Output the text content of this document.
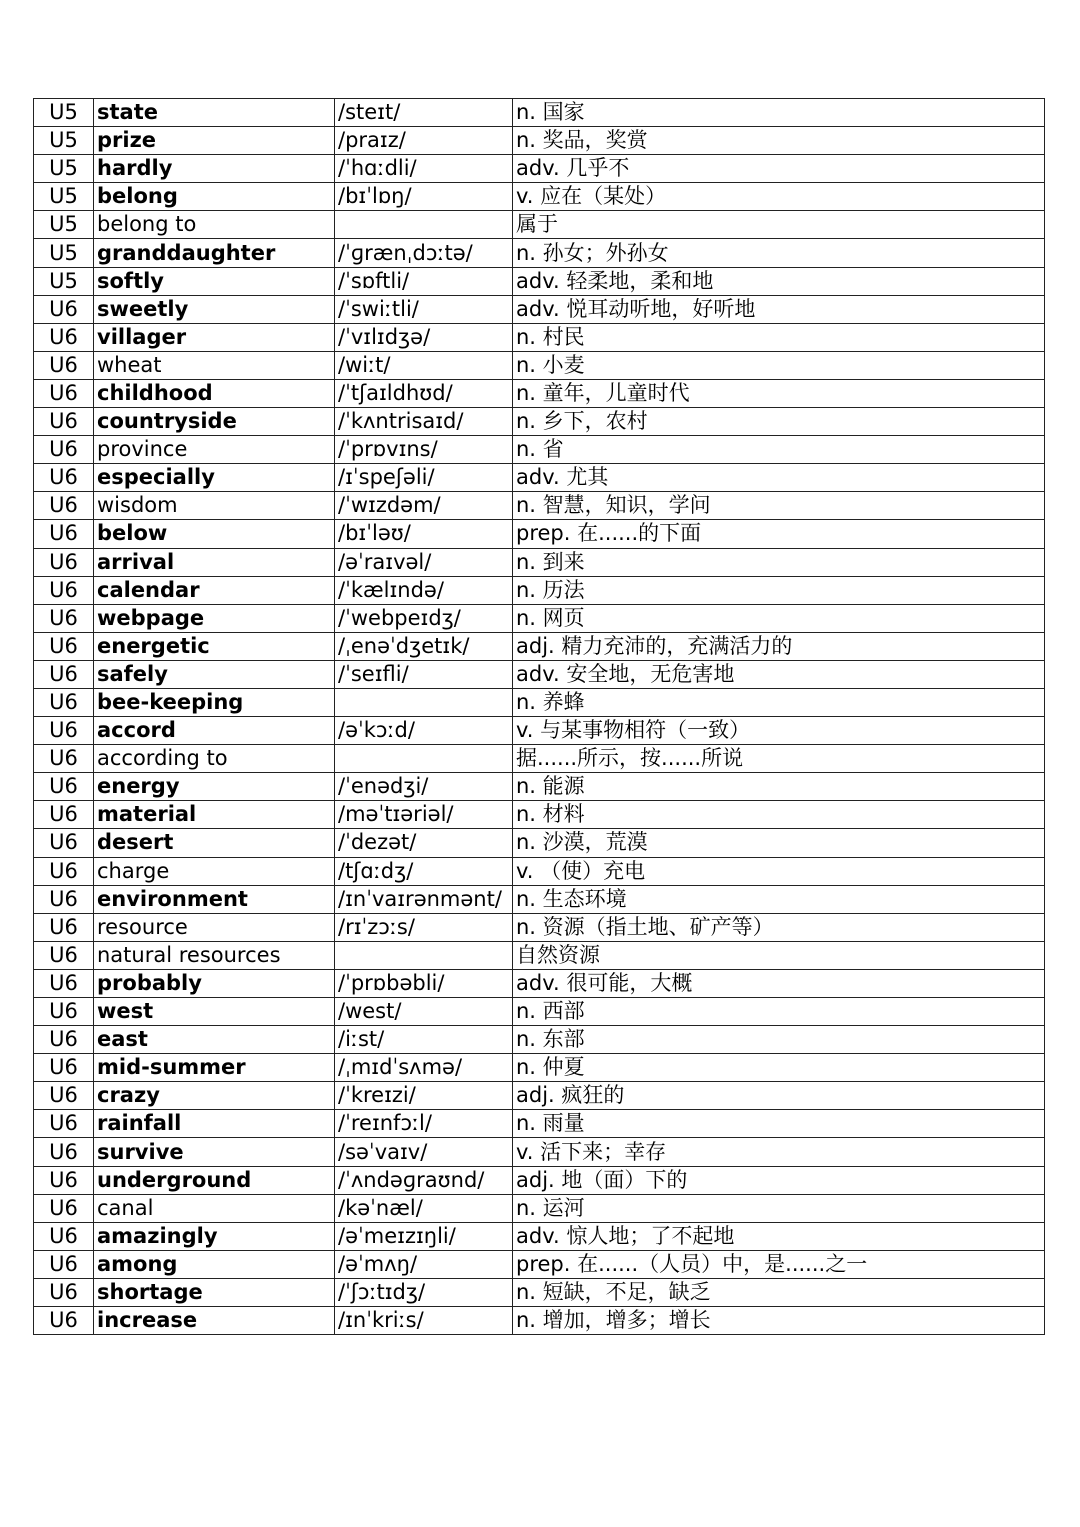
U5	state	/steɪt/	n. 国家
U5	prize	/praɪz/	n. 奖品，奖赏
U5	hardly	/ˈhɑːdli/	adv. 几乎不
U5	belong	/bɪˈlɒŋ/	v. 应在（某处）
U5	belong to		属于
U5	granddaughter	/ˈɡrænˌdɔːtə/	n. 孙女；外孙女
U5	softly	/ˈsɒftli/	adv. 轻柔地，柔和地
U6	sweetly	/ˈswiːtli/	adv. 悦耳动听地，好听地
U6	villager	/ˈvɪlɪdʒə/	n. 村民
U6	wheat	/wiːt/	n. 小麦
U6	childhood	/ˈtʃaɪldhʊd/	n. 童年，儿童时代
U6	countryside	/ˈkʌntrisaɪd/	n. 乡下，农村
U6	province	/ˈprɒvɪns/	n. 省
U6	especially	/ɪˈspeʃəli/	adv. 尤其
U6	wisdom	/ˈwɪzdəm/	n. 智慧，知识，学问
U6	below	/bɪˈləʊ/	prep. 在......的下面
U6	arrival	/əˈraɪvəl/	n. 到来
U6	calendar	/ˈkælɪndə/	n. 历法
U6	webpage	/ˈwebpeɪdʒ/	n. 网页
U6	energetic	/ˌenəˈdʒetɪk/	adj. 精力充沛的，充满活力的
U6	safely	/ˈseɪfli/	adv. 安全地，无危害地
U6	bee-keeping		n. 养蜂
U6	accord	/əˈkɔːd/	v. 与某事物相符（一致）
U6	according to		据......所示，按......所说
U6	energy	/ˈenədʒi/	n. 能源
U6	material	/məˈtɪəriəl/	n. 材料
U6	desert	/ˈdezət/	n. 沙漠，荒漠
U6	charge	/tʃɑːdʒ/	v. （使）充电
U6	environment	/ɪnˈvaɪrənmənt/	n. 生态环境
U6	resource	/rɪˈzɔːs/	n. 资源（指土地、矿产等）
U6	natural resources		自然资源
U6	probably	/ˈprɒbəbli/	adv. 很可能，大概
U6	west	/west/	n. 西部
U6	east	/iːst/	n. 东部
U6	mid-summer	/ˌmɪdˈsʌmə/	n. 仲夏
U6	crazy	/ˈkreɪzi/	adj. 疯狂的
U6	rainfall	/ˈreɪnfɔːl/	n. 雨量
U6	survive	/səˈvaɪv/	v. 活下来；幸存
U6	underground	/ˈʌndəɡraʊnd/	adj. 地（面）下的
U6	canal	/kəˈnæl/	n. 运河
U6	amazingly	/əˈmeɪzɪŋli/	adv. 惊人地；了不起地
U6	among	/əˈmʌŋ/	prep. 在......（人员）中，是......之一
U6	shortage	/ˈʃɔːtɪdʒ/	n. 短缺，不足，缺乏
U6	increase	/ɪnˈkriːs/	n. 增加，增多；增长
